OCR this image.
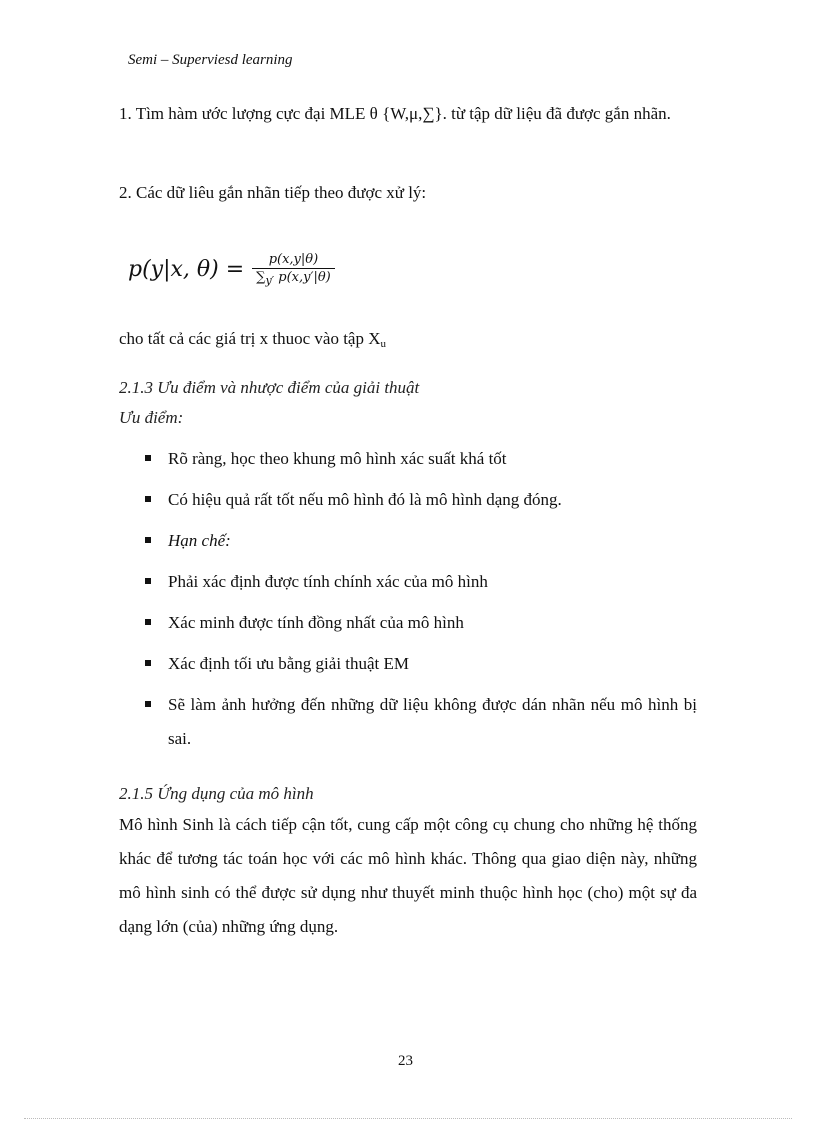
Semi – Superviesd learning
1. Tìm hàm ước lượng cực đại MLE θ {W,μ,∑}. từ tập dữ liệu đã được gắn nhãn.
2. Các dữ liêu gắn nhãn tiếp theo được xử lý:
p(y|x, $\theta) = \frac{p(x,y|\theta)}{\sum_{y'} p(x,y'|\theta)}$
cho tất cả các giá trị x thuoc vào tập $X_u$
2.1.3 Ưu điểm và nhược điểm của giải thuật
Ưu điểm:
Rõ ràng, học theo khung mô hình xác suất khá tốt
Có hiệu quả rất tốt nếu mô hình đó là mô hình dạng đóng.
Hạn chế:
Phải xác định được tính chính xác của mô hình
Xác minh được tính đồng nhất của mô hình
Xác định tối ưu bằng giải thuật EM
Sẽ làm ảnh hưởng đến những dữ liệu không được dán nhãn nếu mô hình bị sai.
2.1.5 Ứng dụng của mô hình
Mô hình Sinh là cách tiếp cận tốt, cung cấp một công cụ chung cho những hệ thống khác để tương tác toán học với các mô hình khác. Thông qua giao diện này, những mô hình sinh có thể được sử dụng như thuyết minh thuộc hình học (cho) một sự đa dạng lớn (của) những ứng dụng.
23
